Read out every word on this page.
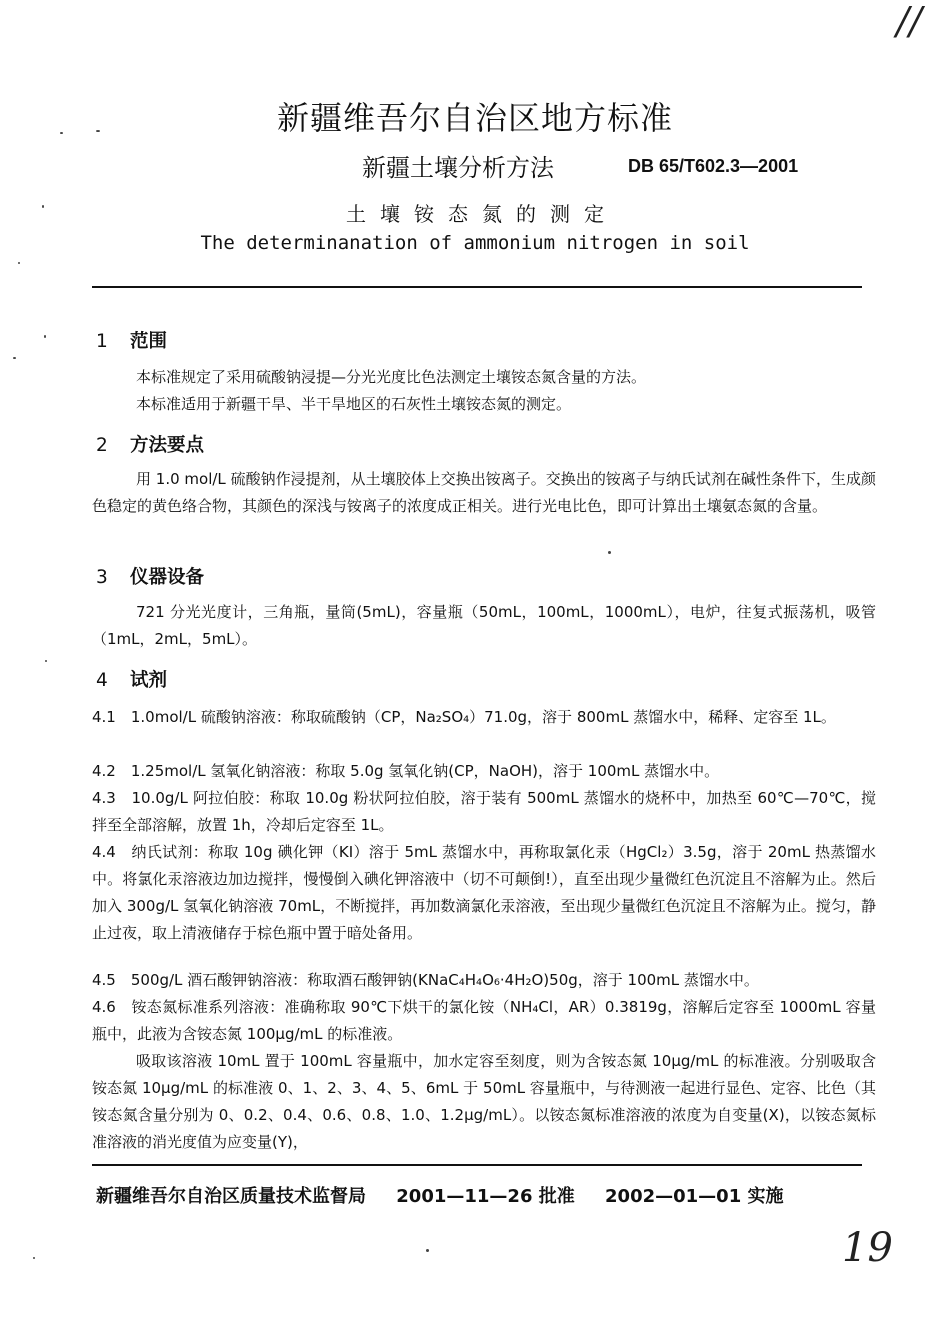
//
新疆维吾尔自治区地方标准
新疆土壤分析方法	DB 65/T602.3—2001
土壤铵态氮的测定
The determinanation of ammonium nitrogen in soil
1 范围
本标准规定了采用硫酸钠浸提—分光光度比色法测定土壤铵态氮含量的方法。
本标准适用于新疆干旱、半干旱地区的石灰性土壤铵态氮的测定。
2 方法要点
用 1.0 mol/L 硫酸钠作浸提剂，从土壤胶体上交换出铵离子。交换出的铵离子与纳氏试剂在碱性条件下，生成颜色稳定的黄色络合物，其颜色的深浅与铵离子的浓度成正相关。进行光电比色，即可计算出土壤氨态氮的含量。
3 仪器设备
721 分光光度计，三角瓶，量筒(5mL)，容量瓶（50mL，100mL，1000mL），电炉，往复式振荡机，吸管（1mL，2mL，5mL）。
4 试剂
4.1　1.0mol/L 硫酸钠溶液：称取硫酸钠（CP，Na₂SO₄）71.0g，溶于 800mL 蒸馏水中，稀释、定容至 1L。
4.2　1.25mol/L 氢氧化钠溶液：称取 5.0g 氢氧化钠(CP，NaOH)，溶于 100mL 蒸馏水中。
4.3　10.0g/L 阿拉伯胶：称取 10.0g 粉状阿拉伯胶，溶于装有 500mL 蒸馏水的烧杯中，加热至 60℃—70℃，搅拌至全部溶解，放置 1h，冷却后定容至 1L。
4.4　纳氏试剂：称取 10g 碘化钾（KI）溶于 5mL 蒸馏水中，再称取氯化汞（HgCl₂）3.5g，溶于 20mL 热蒸馏水中。将氯化汞溶液边加边搅拌，慢慢倒入碘化钾溶液中（切不可颠倒!），直至出现少量微红色沉淀且不溶解为止。然后加入 300g/L 氢氧化钠溶液 70mL，不断搅拌，再加数滴氯化汞溶液，至出现少量微红色沉淀且不溶解为止。搅匀，静止过夜，取上清液储存于棕色瓶中置于暗处备用。
4.5　500g/L 酒石酸钾钠溶液：称取酒石酸钾钠(KNaC₄H₄O₆·4H₂O)50g，溶于 100mL 蒸馏水中。
4.6　铵态氮标准系列溶液：准确称取 90℃下烘干的氯化铵（NH₄Cl，AR）0.3819g，溶解后定容至 1000mL 容量瓶中，此液为含铵态氮 100μg/mL 的标准液。
吸取该溶液 10mL 置于 100mL 容量瓶中，加水定容至刻度，则为含铵态氮 10μg/mL 的标准液。分别吸取含铵态氮 10μg/mL 的标准液 0、1、2、3、4、5、6mL 于 50mL 容量瓶中，与待测液一起进行显色、定容、比色（其铵态氮含量分别为 0、0.2、0.4、0.6、0.8、1.0、1.2μg/mL）。以铵态氮标准溶液的浓度为自变量(X)，以铵态氮标准溶液的消光度值为应变量(Y)，
新疆维吾尔自治区质量技术监督局 2001—11—26 批准 2002—01—01 实施
19
